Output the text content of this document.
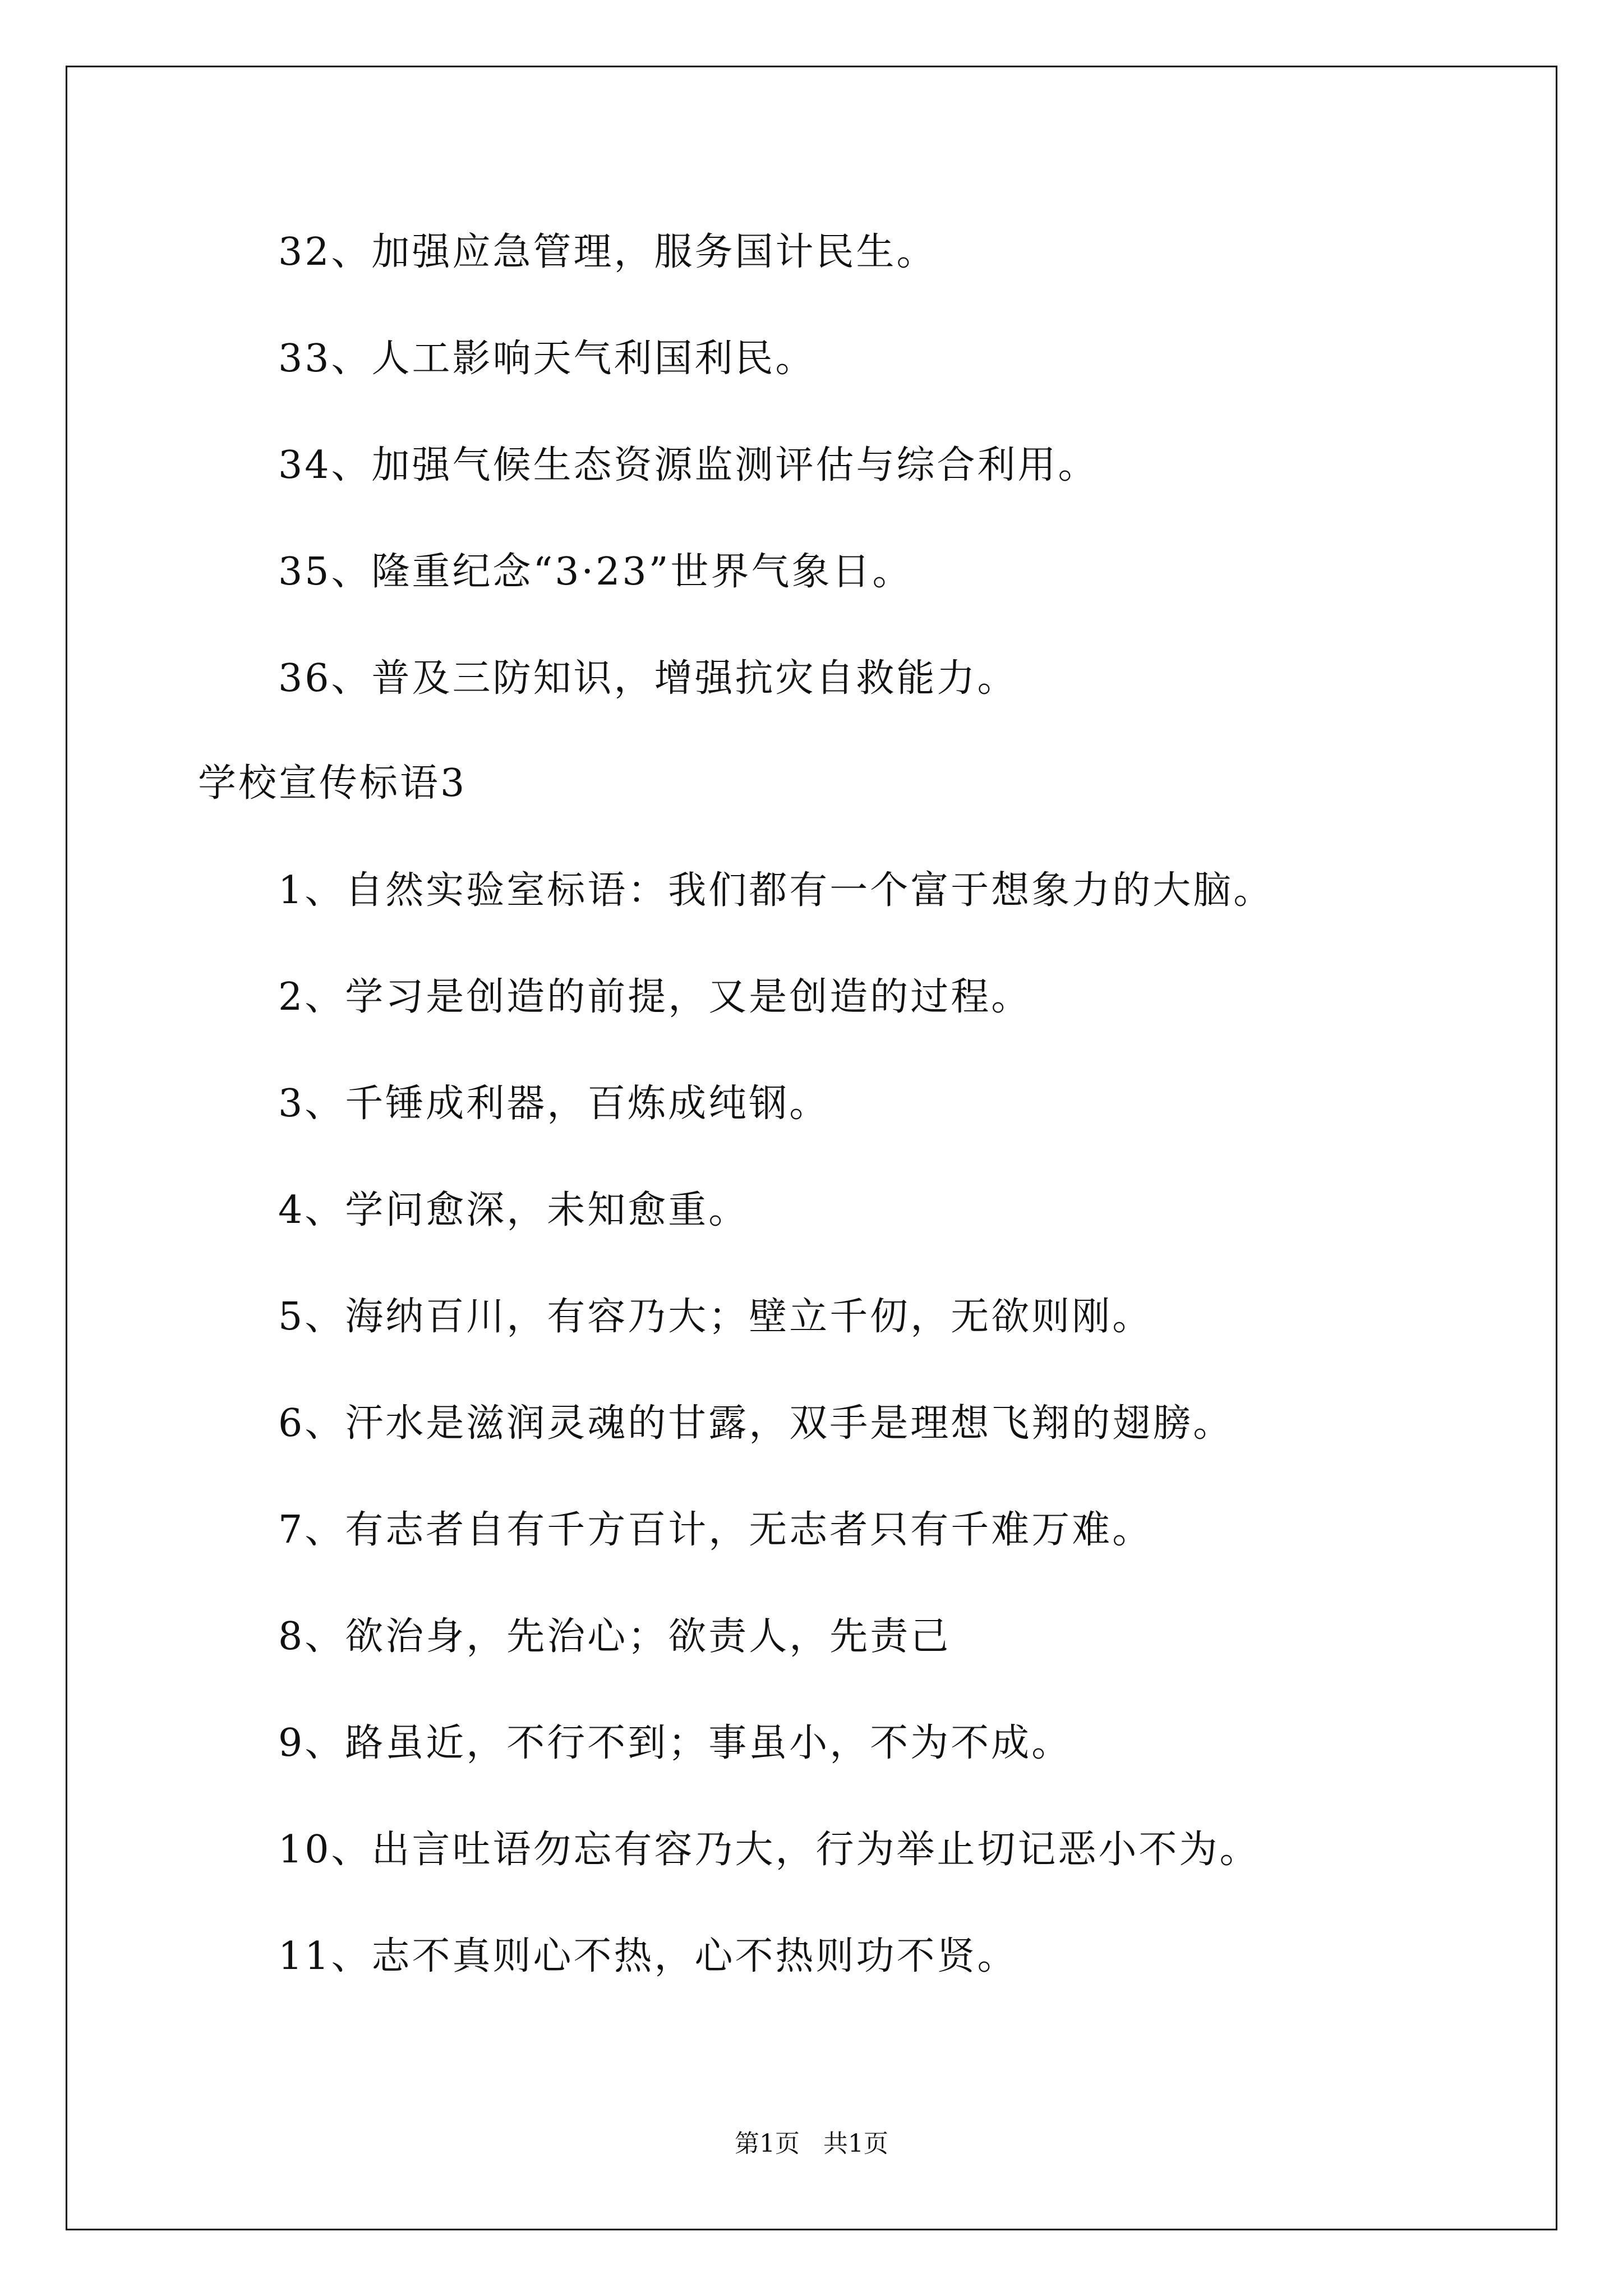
32、加强应急管理，服务国计民生。

33、人工影响天气利国利民。

34、加强气候生态资源监测评估与综合利用。

35、隆重纪念“3·23”世界气象日。

36、普及三防知识，增强抗灾自救能力。

学校宣传标语3

1、自然实验室标语：我们都有一个富于想象力的大脑。

2、学习是创造的前提，又是创造的过程。

3、千锤成利器，百炼成纯钢。

4、学问愈深，未知愈重。

5、海纳百川，有容乃大；壁立千仞，无欲则刚。

6、汗水是滋润灵魂的甘露，双手是理想飞翔的翅膀。

7、有志者自有千方百计，无志者只有千难万难。

8、欲治身，先治心；欲责人，先责己

9、路虽近，不行不到；事虽小，不为不成。

10、出言吐语勿忘有容乃大，行为举止切记恶小不为。

11、志不真则心不热，心不热则功不贤。

第1页 共1页
